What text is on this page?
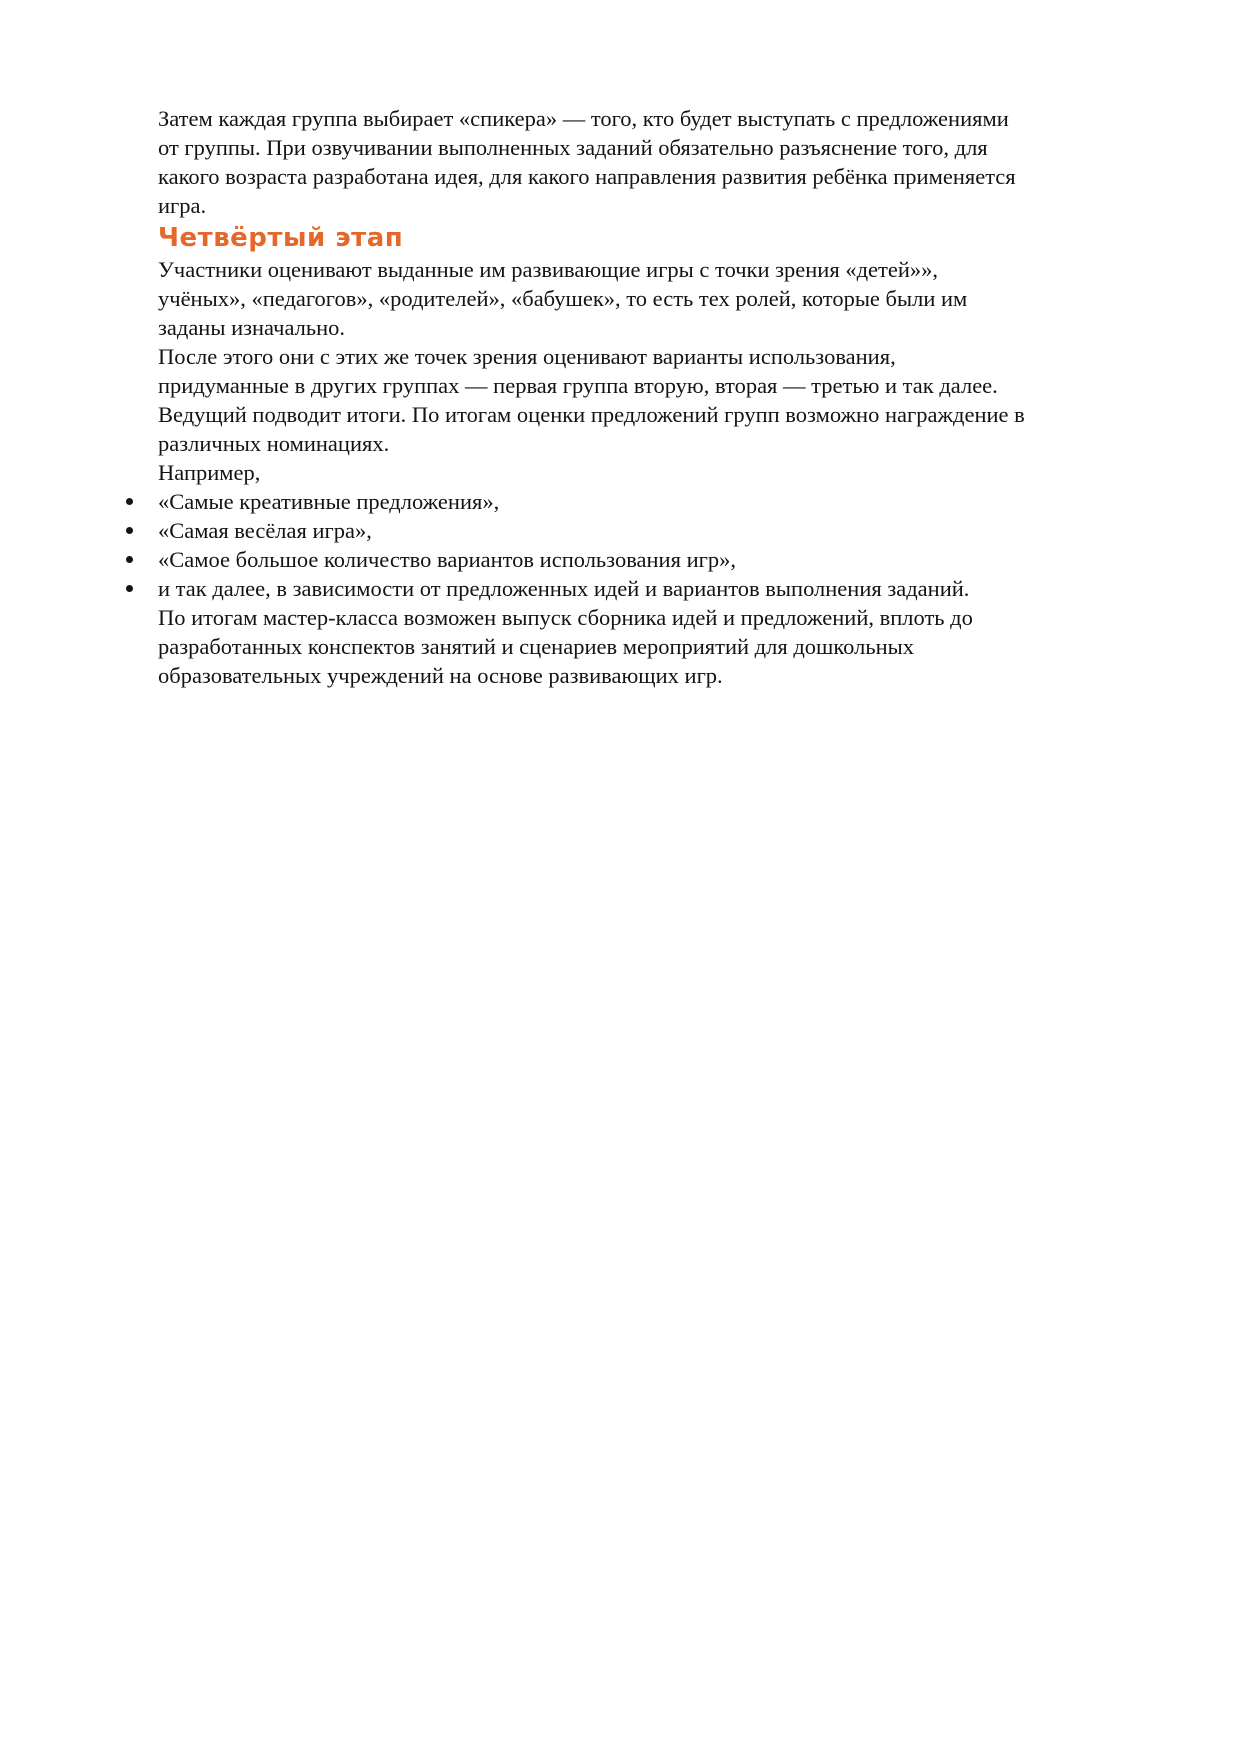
Затем каждая группа выбирает «спикера» — того, кто будет выступать с предложениями от группы. При озвучивании выполненных заданий обязательно разъяснение того, для какого возраста разработана идея, для какого направления развития ребёнка применяется игра.

Четвёртый этап

Участники оценивают выданные им развивающие игры с точки зрения «детей»», учёных», «педагогов», «родителей», «бабушек», то есть тех ролей, которые были им заданы изначально.

После этого они с этих же точек зрения оценивают варианты использования, придуманные в других группах — первая группа вторую, вторая — третью и так далее.

Ведущий подводит итоги. По итогам оценки предложений групп возможно награждение в различных номинациях.

Например,

«Самые креативные предложения»,
«Самая весёлая игра»,
«Самое большое количество вариантов использования игр»,
и так далее, в зависимости от предложенных идей и вариантов выполнения заданий.

По итогам мастер-класса возможен выпуск сборника идей и предложений, вплоть до разработанных конспектов занятий и сценариев мероприятий для дошкольных образовательных учреждений на основе развивающих игр.
